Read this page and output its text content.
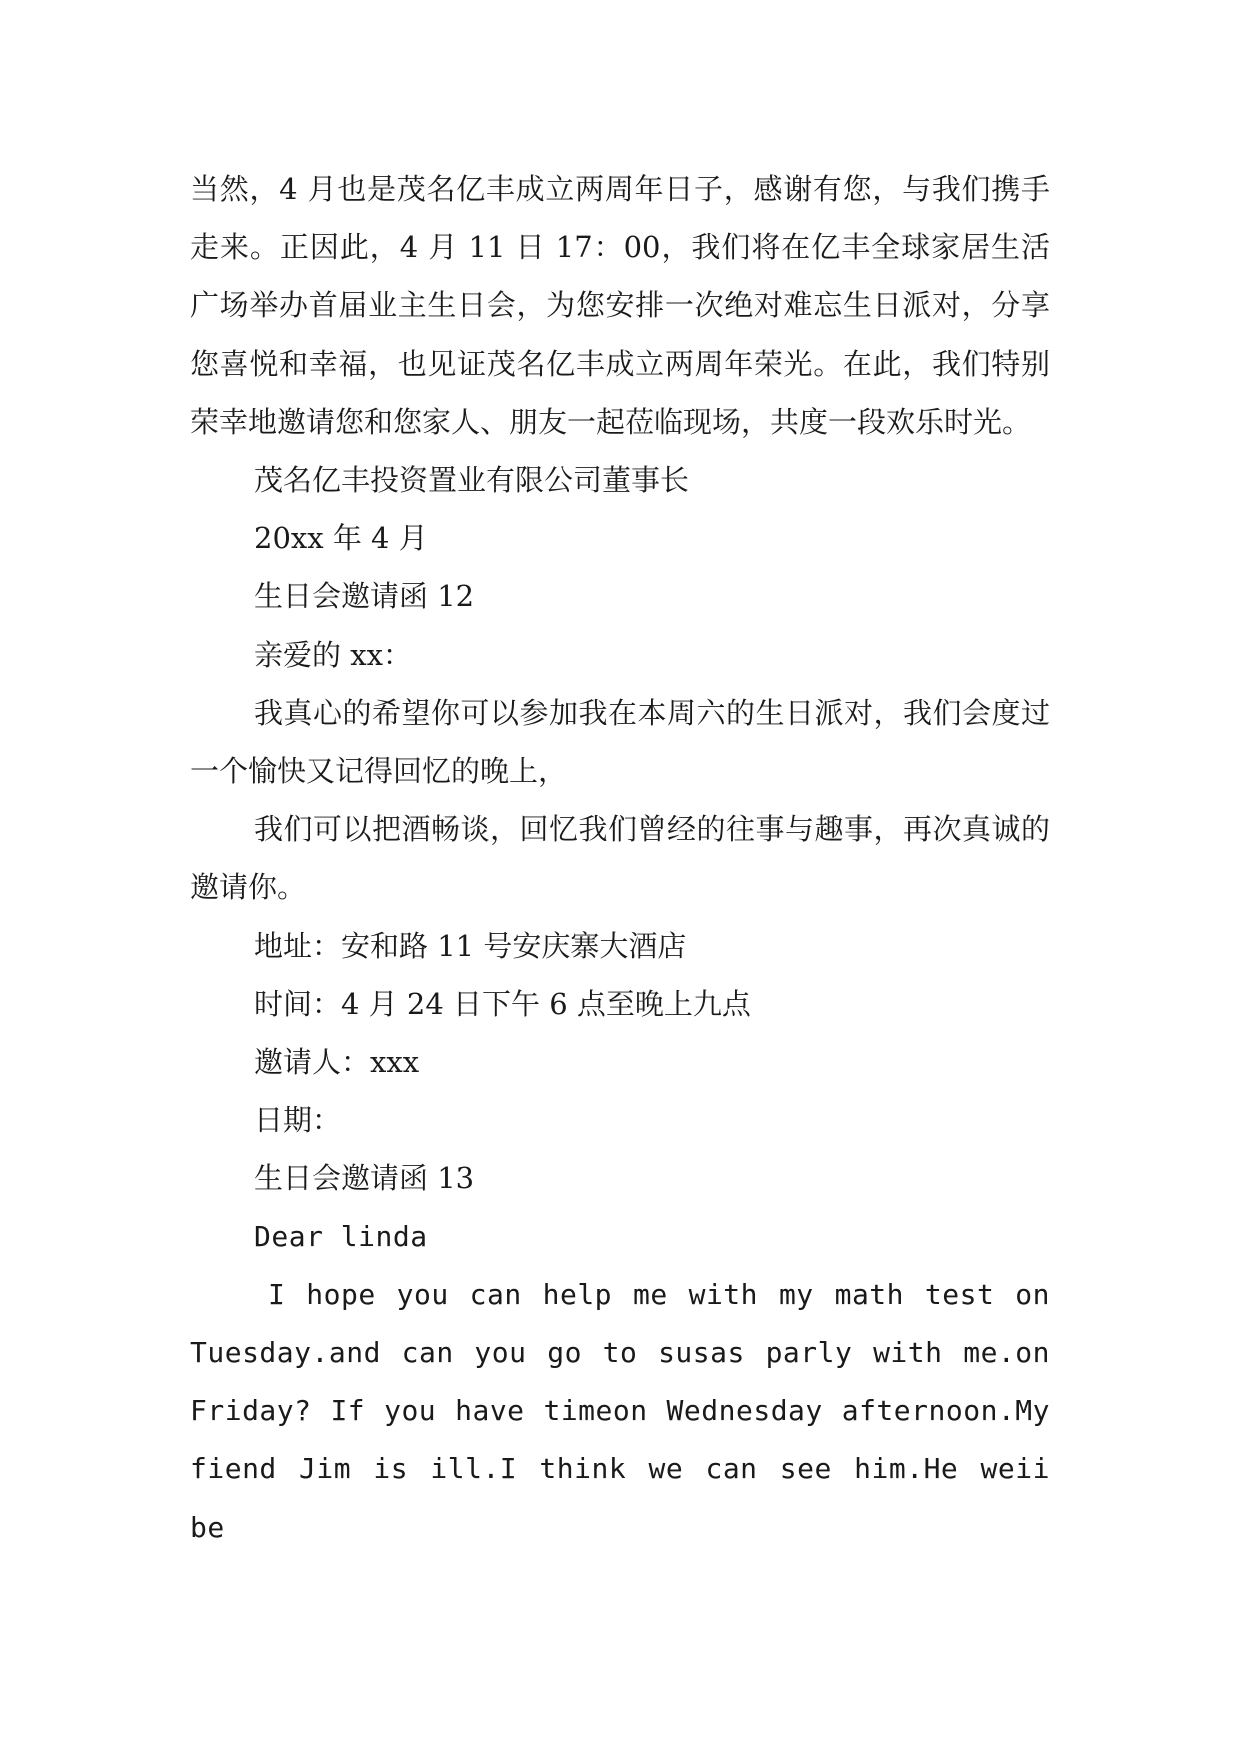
当然，4 月也是茂名亿丰成立两周年日子，感谢有您，与我们携手走来。正因此，4 月 11 日 17：00，我们将在亿丰全球家居生活广场举办首届业主生日会，为您安排一次绝对难忘生日派对，分享您喜悦和幸福，也见证茂名亿丰成立两周年荣光。在此，我们特别荣幸地邀请您和您家人、朋友一起莅临现场，共度一段欢乐时光。

茂名亿丰投资置业有限公司董事长

20xx 年 4 月

生日会邀请函 12

亲爱的 xx：

我真心的希望你可以参加我在本周六的生日派对，我们会度过一个愉快又记得回忆的晚上，

我们可以把酒畅谈，回忆我们曾经的往事与趣事，再次真诚的邀请你。

地址：安和路 11 号安庆寨大酒店

时间：4 月 24 日下午 6 点至晚上九点

邀请人：xxx

日期：

生日会邀请函 13

Dear linda

I hope you can help me with my math test on Tuesday.and can you go to susas parly with me.on Friday? If you have timeon Wednesday afternoon.My fiend Jim is ill.I think we can see him.He weii be
